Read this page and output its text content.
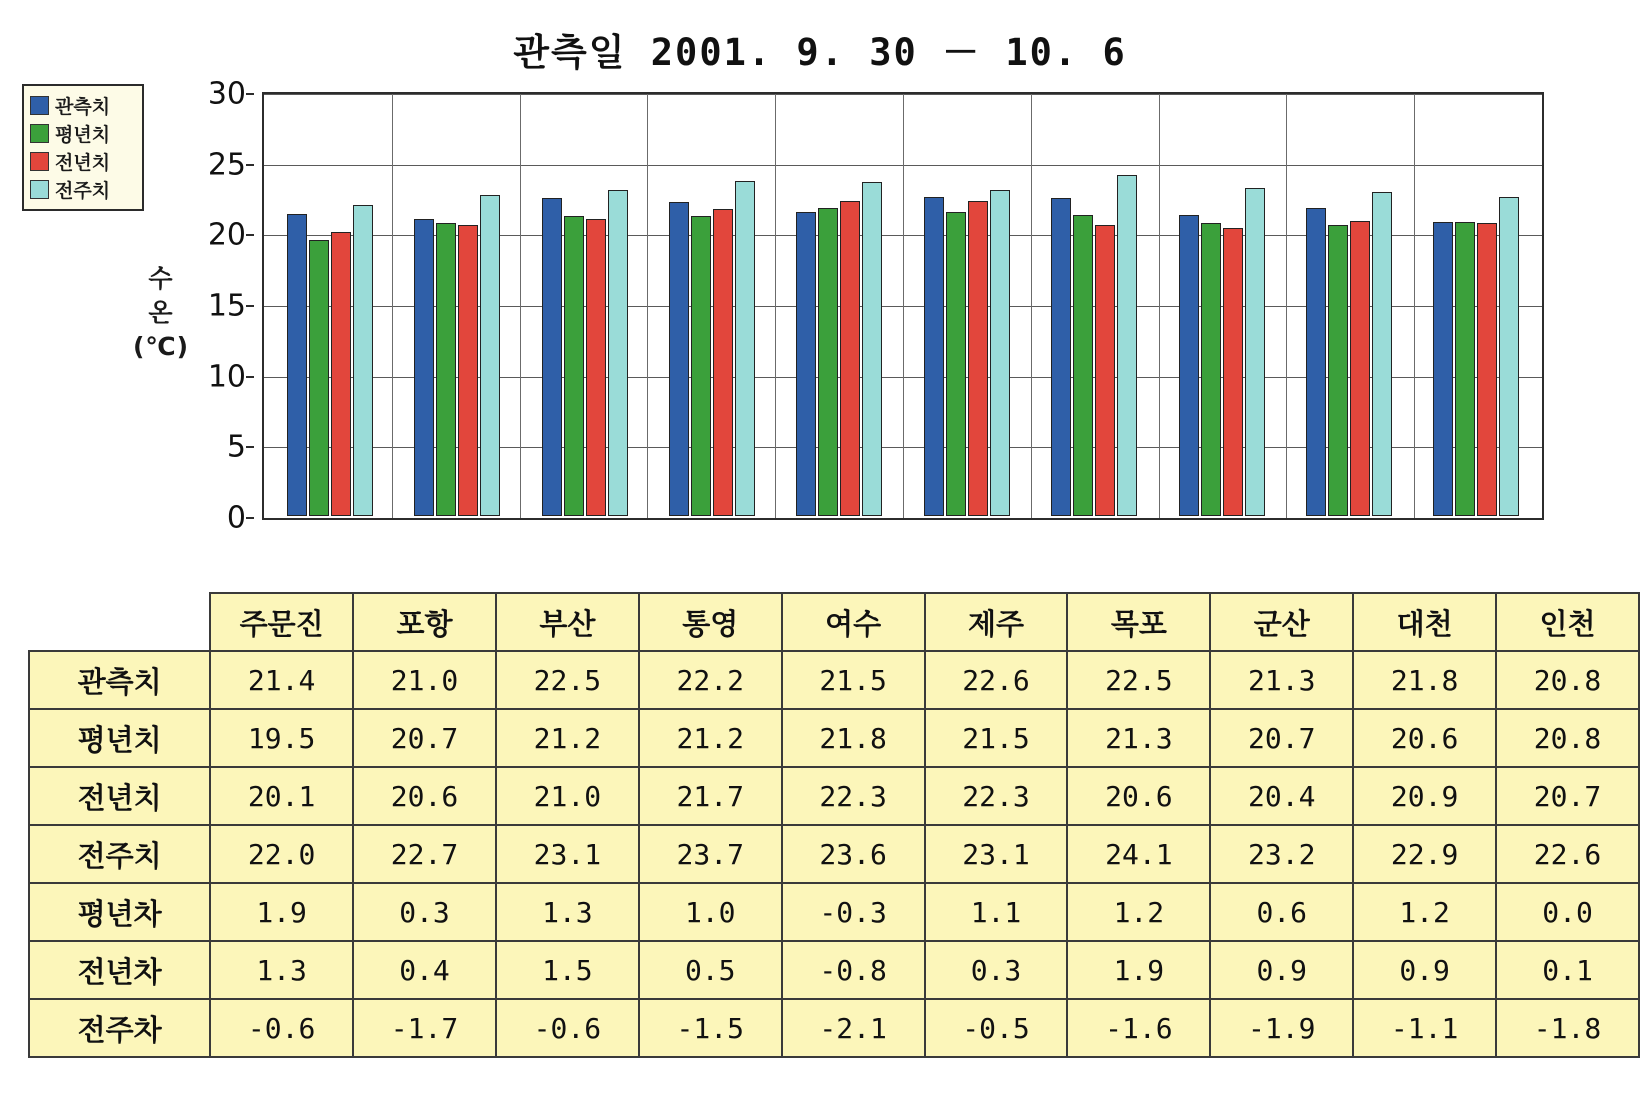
관측일 2001. 9. 30 － 10. 6
관측치
평년치
전년치
전주치
수
온
(℃)
0
5
10
15
20
25
30
	주문진	포항	부산	통영	여수	제주	목포	군산	대천	인천
관측치	21.4	21.0	22.5	22.2	21.5	22.6	22.5	21.3	21.8	20.8
평년치	19.5	20.7	21.2	21.2	21.8	21.5	21.3	20.7	20.6	20.8
전년치	20.1	20.6	21.0	21.7	22.3	22.3	20.6	20.4	20.9	20.7
전주치	22.0	22.7	23.1	23.7	23.6	23.1	24.1	23.2	22.9	22.6
평년차	1.9	0.3	1.3	1.0	-0.3	1.1	1.2	0.6	1.2	0.0
전년차	1.3	0.4	1.5	0.5	-0.8	0.3	1.9	0.9	0.9	0.1
전주차	-0.6	-1.7	-0.6	-1.5	-2.1	-0.5	-1.6	-1.9	-1.1	-1.8
